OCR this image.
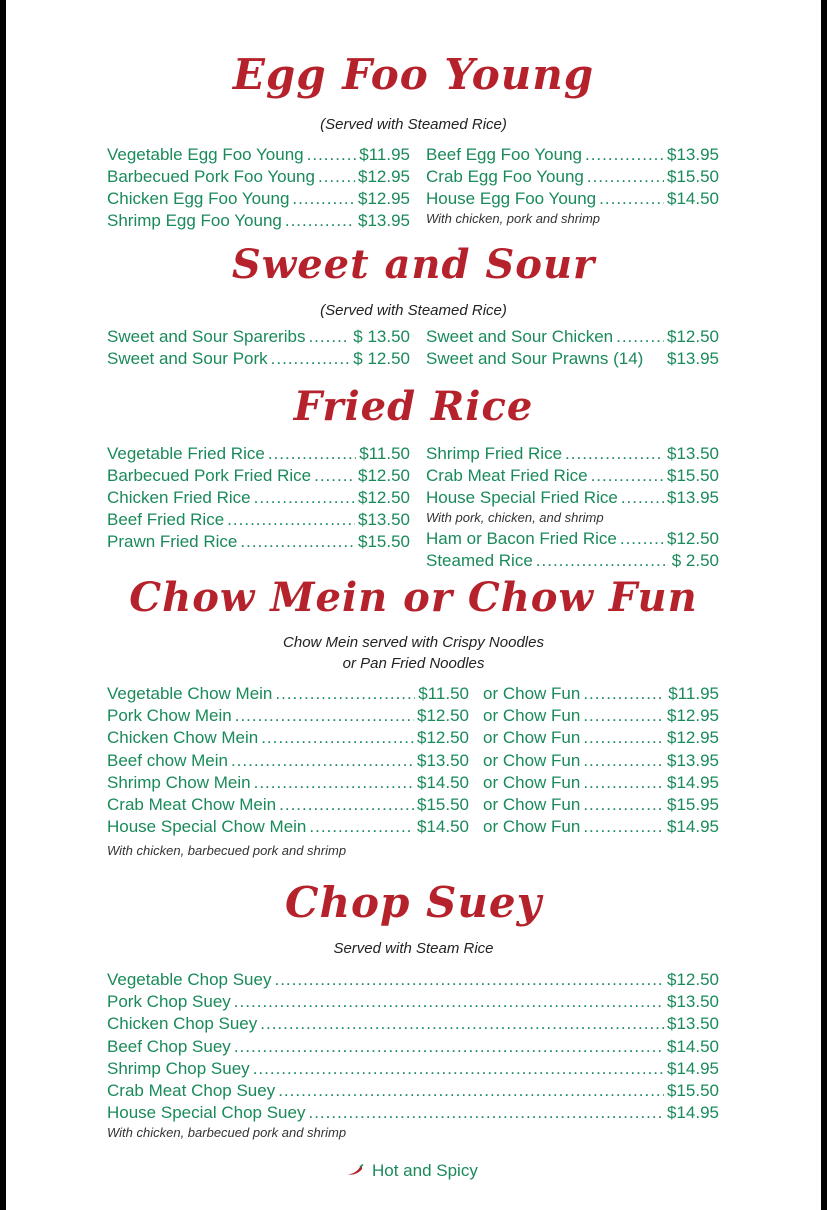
Egg Foo Young
(Served with Steamed Rice)
Vegetable Egg Foo Young .....	$11.95
Barbecued Pork Foo Young .....	$12.95
Chicken Egg Foo Young .....	$12.95
Shrimp Egg Foo Young .....	$13.95
Beef Egg Foo Young .....	$13.95
Crab Egg Foo Young .....	$15.50
House Egg Foo Young .....	$14.50
With chicken, pork and shrimp
Sweet and Sour
(Served with Steamed Rice)
Sweet and Sour Spareribs .....	$ 13.50
Sweet and Sour Pork .....	$ 12.50
Sweet and Sour Chicken .....	$12.50
Sweet and Sour Prawns (14) $13.95
Fried Rice
Vegetable Fried Rice .....	$11.50
Barbecued Pork Fried Rice .....	$12.50
Chicken Fried Rice .....	$12.50
Beef Fried Rice .....	$13.50
Prawn Fried Rice .....	$15.50
Shrimp Fried Rice .....	$13.50
Crab Meat Fried Rice .....	$15.50
House Special Fried Rice .....	$13.95
With pork, chicken, and shrimp
Ham or Bacon Fried Rice .....	$12.50
Steamed Rice .....	$ 2.50
Chow Mein or Chow Fun
Chow Mein served with Crispy Noodles
or Pan Fried Noodles
Vegetable Chow Mein .....	$11.50 or Chow Fun .....	$11.95
Pork Chow Mein .....	$12.50 or Chow Fun .....	$12.95
Chicken Chow Mein .....	$12.50 or Chow Fun .....	$12.95
Beef chow Mein .....	$13.50 or Chow Fun .....	$13.95
Shrimp Chow Mein .....	$14.50 or Chow Fun .....	$14.95
Crab Meat Chow Mein .....	$15.50 or Chow Fun .....	$15.95
House Special Chow Mein .....	$14.50 or Chow Fun .....	$14.95
With chicken, barbecued pork and shrimp
Chop Suey
Served with Steam Rice
Vegetable Chop Suey .....	$12.50
Pork Chop Suey .....	$13.50
Chicken Chop Suey .....	$13.50
Beef Chop Suey .....	$14.50
Shrimp Chop Suey .....	$14.95
Crab Meat Chop Suey .....	$15.50
House Special Chop Suey .....	$14.95
With chicken, barbecued pork and shrimp
Hot and Spicy
